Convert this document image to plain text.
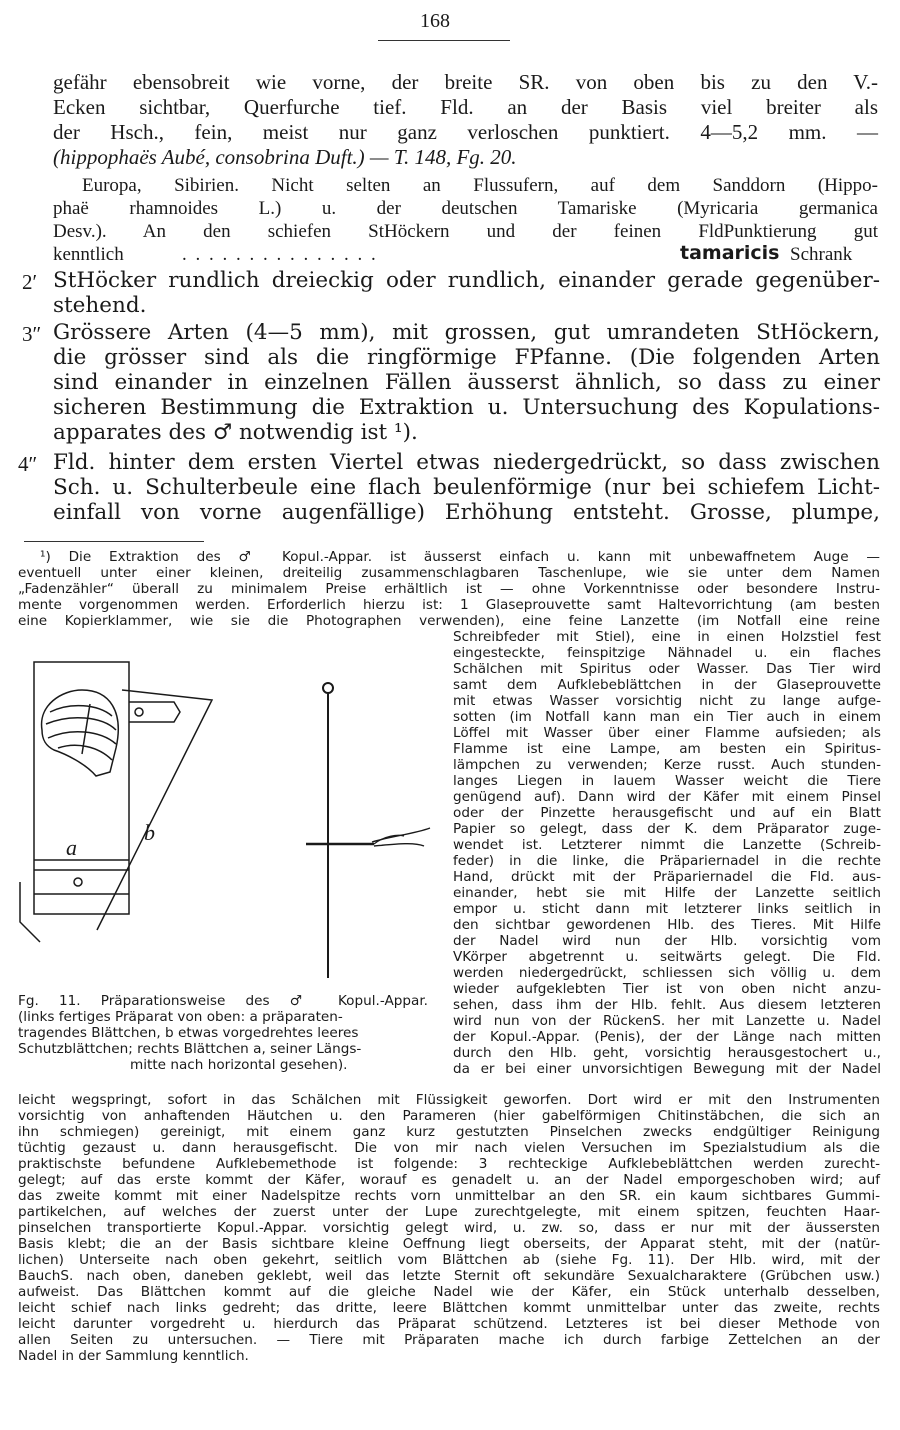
168
gefähr ebensobreit wie vorne, der breite SR. von oben bis zu den V.-
Ecken sichtbar, Querfurche tief. Fld. an der Basis viel breiter als
der Hsch., fein, meist nur ganz verloschen punktiert. 4—5,2 mm. —
(hippophaës Aubé, consobrina Duft.) — T. 148, Fg. 20.
Europa, Sibirien. Nicht selten an Flussufern, auf dem Sanddorn (Hippo-
phaë rhamnoides L.) u. der deutschen Tamariske (Myricaria germanica
Desv.). An den schiefen StHöckern und der feinen FldPunktierung gut
kenntlich	. . . . . . . . . . . . . . .	tamaricis Schrank
2′ StHöcker rundlich dreieckig oder rundlich, einander gerade gegenüber-
stehend.
3″ Grössere Arten (4—5 mm), mit grossen, gut umrandeten StHöckern,
die grösser sind als die ringförmige FPfanne. (Die folgenden Arten
sind einander in einzelnen Fällen äusserst ähnlich, so dass zu einer
sicheren Bestimmung die Extraktion u. Untersuchung des Kopulations-
apparates des ♂ notwendig ist ¹).
4″ Fld. hinter dem ersten Viertel etwas niedergedrückt, so dass zwischen
Sch. u. Schulterbeule eine flach beulenförmige (nur bei schiefem Licht-
einfall von vorne augenfällige) Erhöhung entsteht. Grosse, plumpe,
¹) Die Extraktion des ♂ Kopul.-Appar. ist äusserst einfach u. kann mit unbewaffnetem Auge —
eventuell unter einer kleinen, dreiteilig zusammenschlagbaren Taschenlupe, wie sie unter dem Namen
„Fadenzähler“ überall zu minimalem Preise erhältlich ist — ohne Vorkenntnisse oder besondere Instru-
mente vorgenommen werden. Erforderlich hierzu ist: 1 Glaseprouvette samt Haltevorrichtung (am besten
eine Kopierklammer, wie sie die Photographen verwenden), eine feine Lanzette (im Notfall eine reine
Schreibfeder mit Stiel), eine in einen Holzstiel fest
eingesteckte, feinspitzige Nähnadel u. ein flaches
Schälchen mit Spiritus oder Wasser. Das Tier wird
samt dem Aufklebeblättchen in der Glaseprouvette
mit etwas Wasser vorsichtig nicht zu lange aufge-
sotten (im Notfall kann man ein Tier auch in einem
Löffel mit Wasser über einer Flamme aufsieden; als
Flamme ist eine Lampe, am besten ein Spiritus-
lämpchen zu verwenden; Kerze russt. Auch stunden-
langes Liegen in lauem Wasser weicht die Tiere
genügend auf). Dann wird der Käfer mit einem Pinsel
oder der Pinzette herausgefischt und auf ein Blatt
Papier so gelegt, dass der K. dem Präparator zuge-
wendet ist. Letzterer nimmt die Lanzette (Schreib-
feder) in die linke, die Präpariernadel in die rechte
Hand, drückt mit der Präpariernadel die Fld. aus-
einander, hebt sie mit Hilfe der Lanzette seitlich
empor u. sticht dann mit letzterer links seitlich in
den sichtbar gewordenen Hlb. des Tieres. Mit Hilfe
der Nadel wird nun der Hlb. vorsichtig vom
VKörper abgetrennt u. seitwärts gelegt. Die Fld.
werden niedergedrückt, schliessen sich völlig u. dem
wieder aufgeklebten Tier ist von oben nicht anzu-
sehen, dass ihm der Hlb. fehlt. Aus diesem letzteren
wird nun von der RückenS. her mit Lanzette u. Nadel
der Kopul.-Appar. (Penis), der der Länge nach mitten
durch den Hlb. geht, vorsichtig herausgestochert u.,
da er bei einer unvorsichtigen Bewegung mit der Nadel
a
b
Fg. 11. Präparationsweise des ♂ Kopul.-Appar.
(links fertiges Präparat von oben: a präparaten-
tragendes Blättchen, b etwas vorgedrehtes leeres
Schutzblättchen; rechts Blättchen a, seiner Längs-
mitte nach horizontal gesehen).
leicht wegspringt, sofort in das Schälchen mit Flüssigkeit geworfen. Dort wird er mit den Instrumenten
vorsichtig von anhaftenden Häutchen u. den Parameren (hier gabelförmigen Chitinstäbchen, die sich an
ihn schmiegen) gereinigt, mit einem ganz kurz gestutzten Pinselchen zwecks endgültiger Reinigung
tüchtig gezaust u. dann herausgefischt. Die von mir nach vielen Versuchen im Spezialstudium als die
praktischste befundene Aufklebemethode ist folgende: 3 rechteckige Aufklebeblättchen werden zurecht-
gelegt; auf das erste kommt der Käfer, worauf es genadelt u. an der Nadel emporgeschoben wird; auf
das zweite kommt mit einer Nadelspitze rechts vorn unmittelbar an den SR. ein kaum sichtbares Gummi-
partikelchen, auf welches der zuerst unter der Lupe zurechtgelegte, mit einem spitzen, feuchten Haar-
pinselchen transportierte Kopul.-Appar. vorsichtig gelegt wird, u. zw. so, dass er nur mit der äussersten
Basis klebt; die an der Basis sichtbare kleine Oeffnung liegt oberseits, der Apparat steht, mit der (natür-
lichen) Unterseite nach oben gekehrt, seitlich vom Blättchen ab (siehe Fg. 11). Der Hlb. wird, mit der
BauchS. nach oben, daneben geklebt, weil das letzte Sternit oft sekundäre Sexualcharaktere (Grübchen usw.)
aufweist. Das Blättchen kommt auf die gleiche Nadel wie der Käfer, ein Stück unterhalb desselben,
leicht schief nach links gedreht; das dritte, leere Blättchen kommt unmittelbar unter das zweite, rechts
leicht darunter vorgedreht u. hierdurch das Präparat schützend. Letzteres ist bei dieser Methode von
allen Seiten zu untersuchen. — Tiere mit Präparaten mache ich durch farbige Zettelchen an der
Nadel in der Sammlung kenntlich.
